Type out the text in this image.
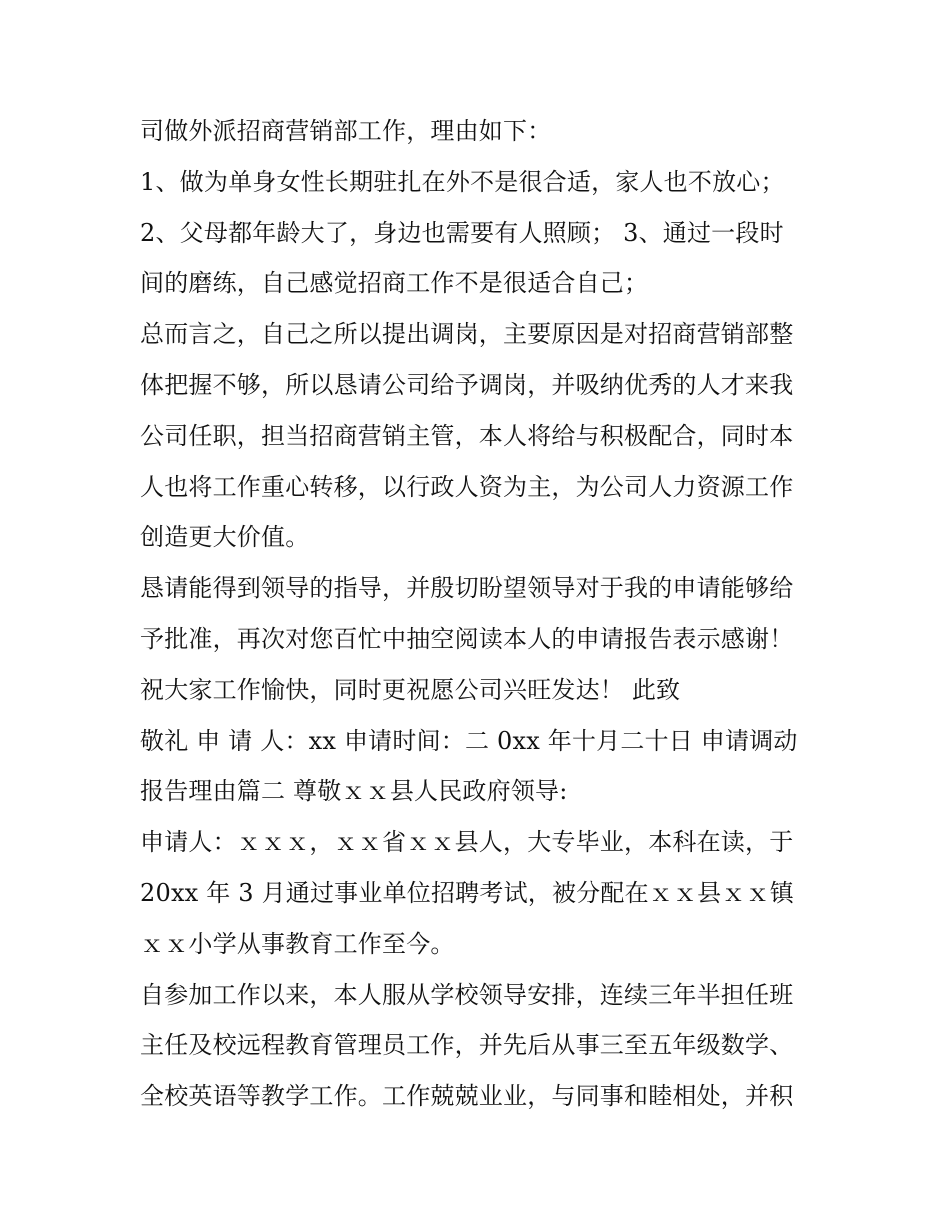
司做外派招商营销部工作，理由如下：
1、做为单身女性长期驻扎在外不是很合适，家人也不放心；
2、父母都年龄大了，身边也需要有人照顾； 3、通过一段时
间的磨练，自己感觉招商工作不是很适合自己；
总而言之，自己之所以提出调岗，主要原因是对招商营销部整
体把握不够，所以恳请公司给予调岗，并吸纳优秀的人才来我
公司任职，担当招商营销主管，本人将给与积极配合，同时本
人也将工作重心转移，以行政人资为主，为公司人力资源工作
创造更大价值。
恳请能得到领导的指导，并殷切盼望领导对于我的申请能够给
予批准，再次对您百忙中抽空阅读本人的申请报告表示感谢！
祝大家工作愉快，同时更祝愿公司兴旺发达！ 此致
敬礼 申 请 人：xx 申请时间：二 0xx 年十月二十日 申请调动
报告理由篇二 尊敬ｘｘ县人民政府领导:
申请人：ｘｘｘ，ｘｘ省ｘｘ县人，大专毕业，本科在读，于
20xx 年 3 月通过事业单位招聘考试，被分配在ｘｘ县ｘｘ镇
ｘｘ小学从事教育工作至今。
自参加工作以来，本人服从学校领导安排，连续三年半担任班
主任及校远程教育管理员工作，并先后从事三至五年级数学、
全校英语等教学工作。工作兢兢业业，与同事和睦相处，并积
